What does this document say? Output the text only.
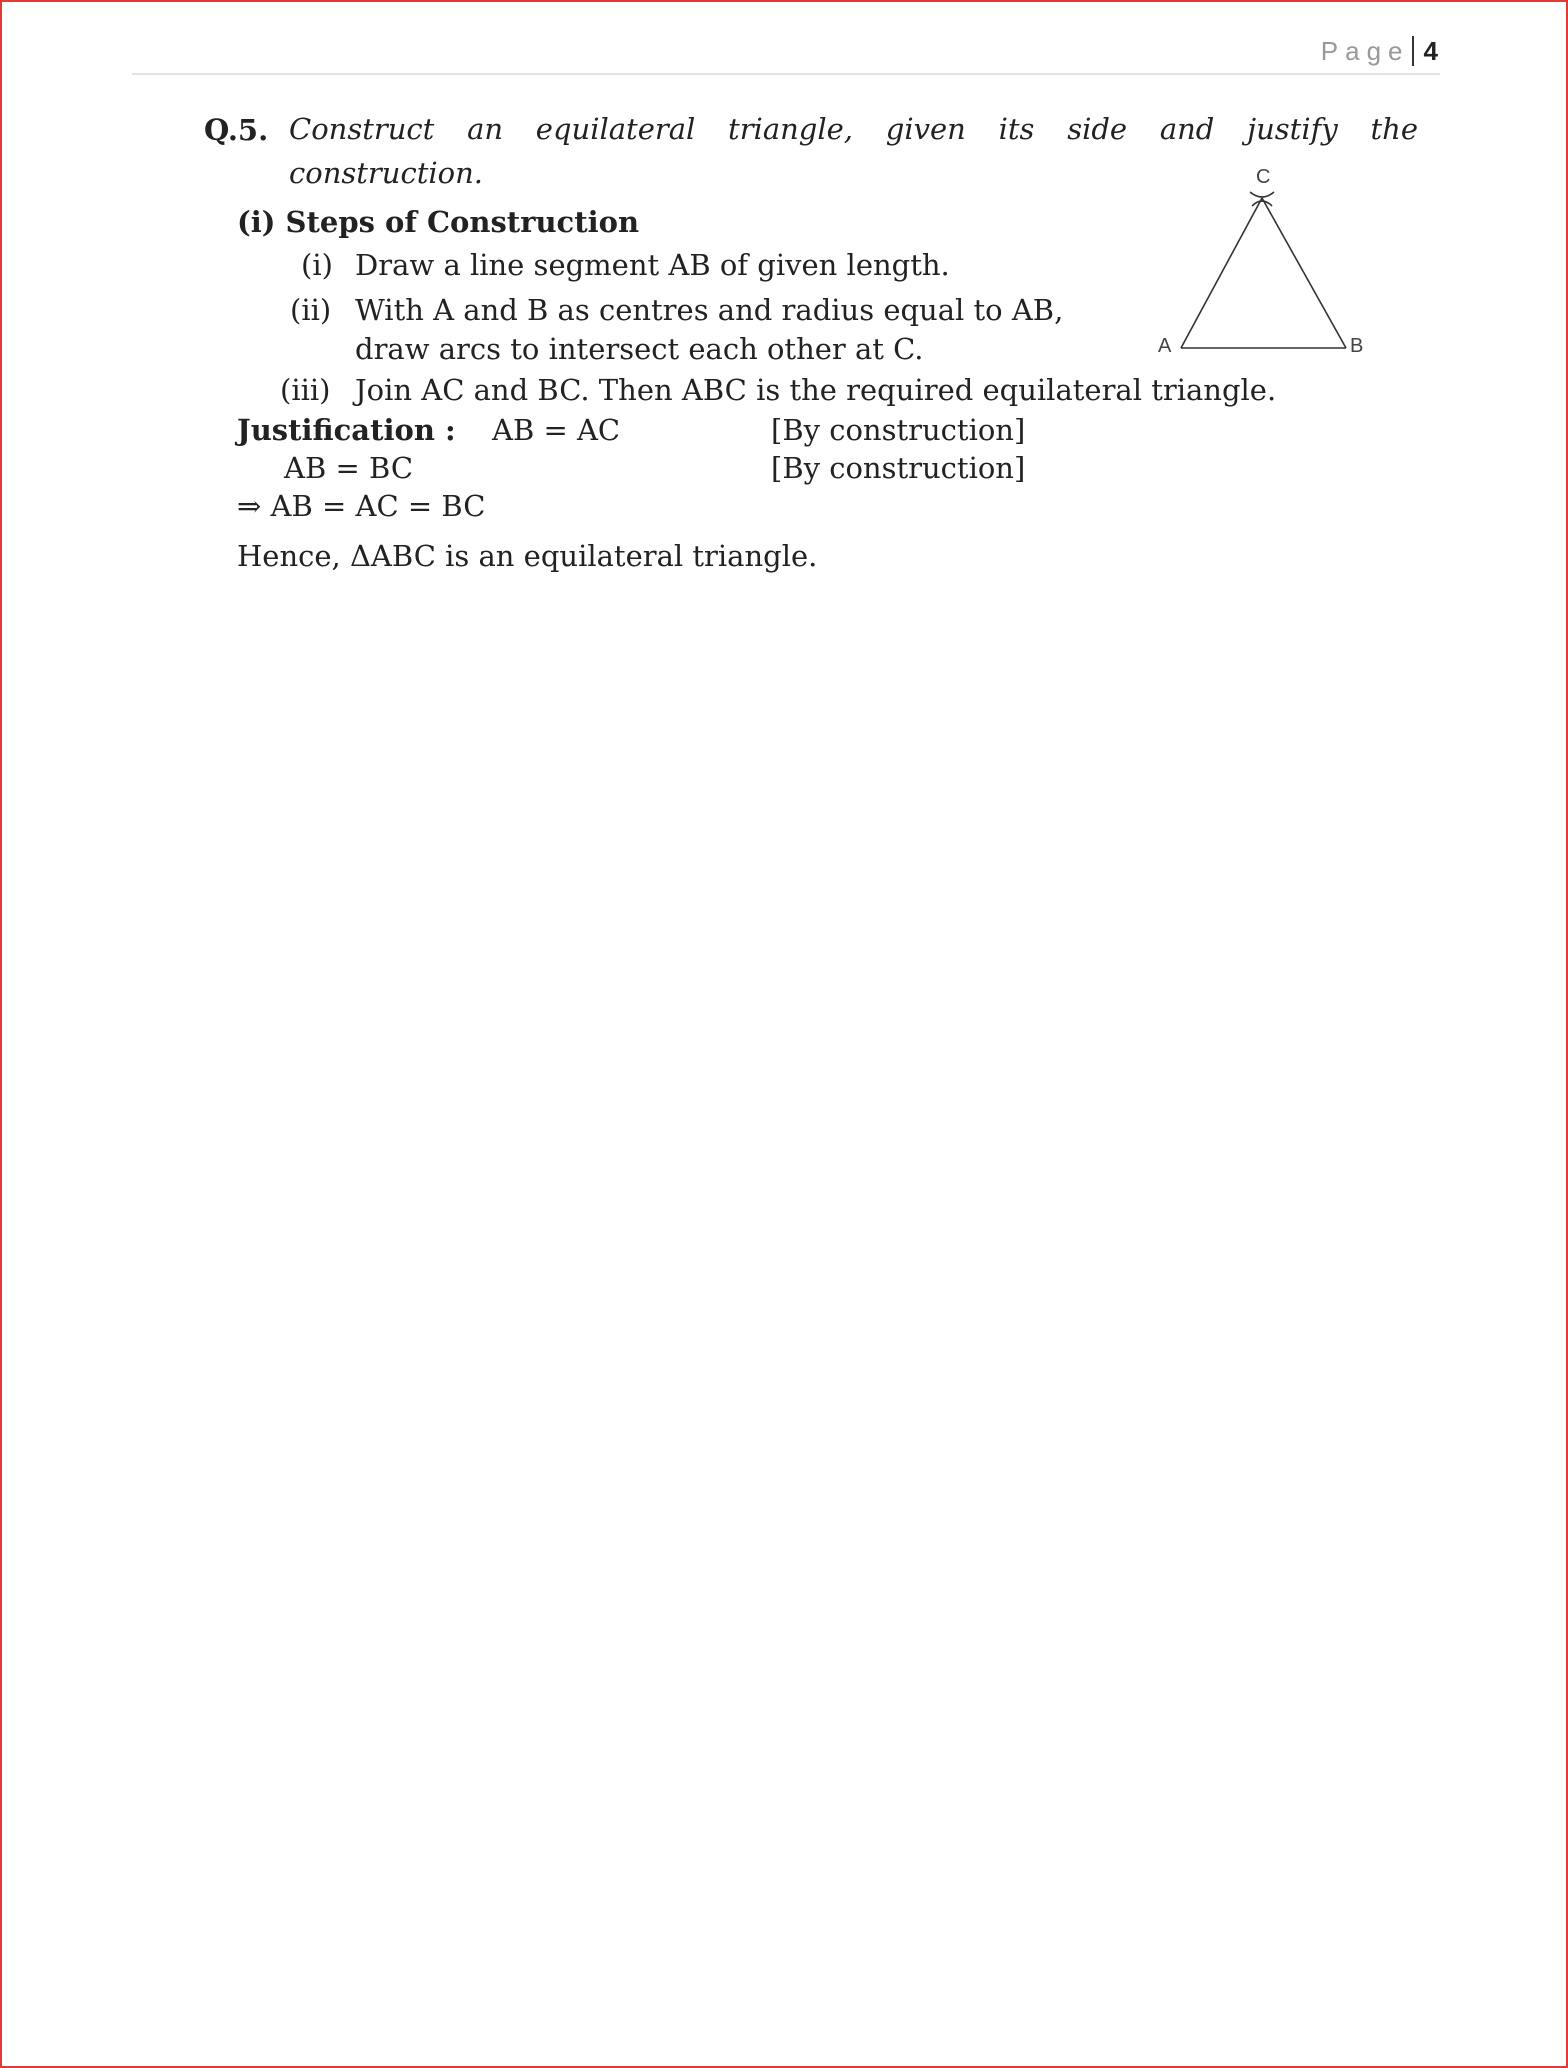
Page 4
Q.5. Construct an equilateral triangle, given its side and justify the
construction.
(i) Steps of Construction
(i) Draw a line segment AB of given length.
(ii) With A and B as centres and radius equal to AB,
draw arcs to intersect each other at C.
(iii) Join AC and BC. Then ABC is the required equilateral triangle.
Justification : AB = AC	[By construction]
AB = BC	[By construction]
⇒ AB = AC = BC
Hence, ΔABC is an equilateral triangle.
C
A	B
